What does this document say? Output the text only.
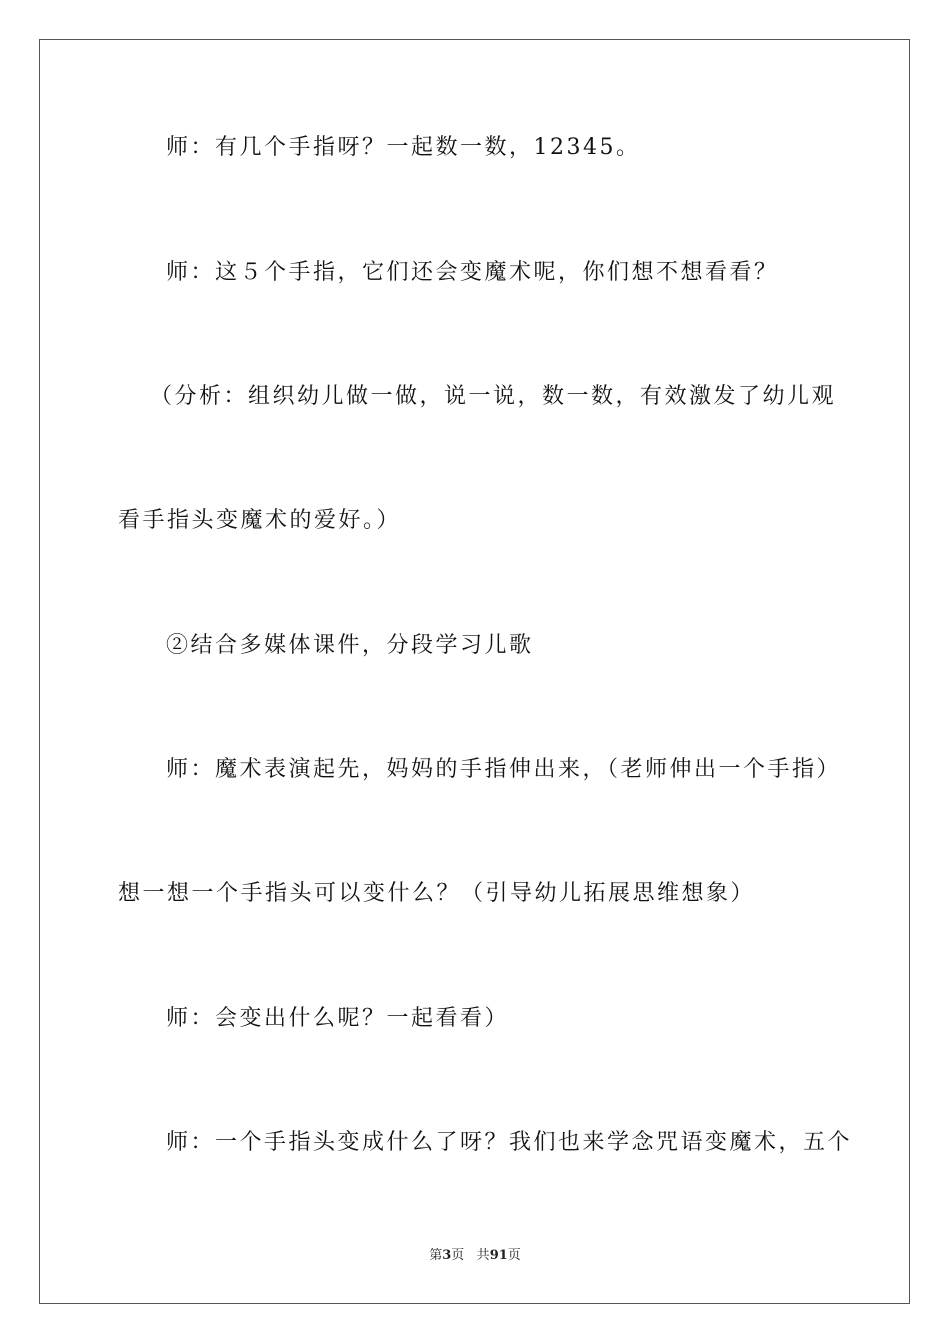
师：有几个手指呀？一起数一数，12345。

师：这５个手指，它们还会变魔术呢，你们想不想看看？

（分析：组织幼儿做一做，说一说，数一数，有效激发了幼儿观

看手指头变魔术的爱好。）

②结合多媒体课件，分段学习儿歌

师：魔术表演起先，妈妈的手指伸出来，（老师伸出一个手指）

想一想一个手指头可以变什么？（引导幼儿拓展思维想象）

师：会变出什么呢？一起看看）

师：一个手指头变成什么了呀？我们也来学念咒语变魔术，五个

第3页 共91页
